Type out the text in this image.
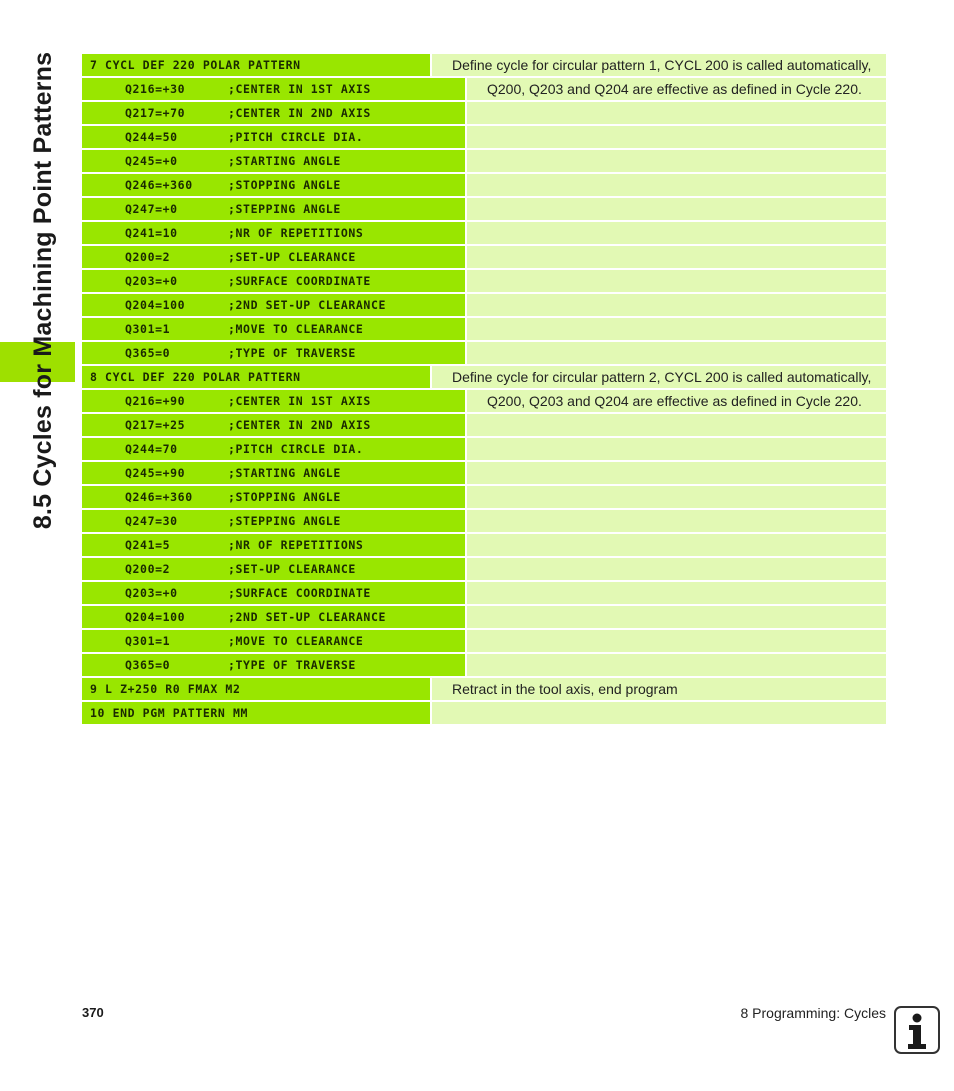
8.5 Cycles for Machining Point Patterns	7 CYCL DEF 220 POLAR PATTERN	Define cycle for circular pattern 1, CYCL 200 is called automatically,
Q216=+30	;CENTER IN 1ST AXIS	Q200, Q203 and Q204 are effective as defined in Cycle 220.
Q217=+70	;CENTER IN 2ND AXIS
Q244=50	;PITCH CIRCLE DIA.
Q245=+0	;STARTING ANGLE
Q246=+360	;STOPPING ANGLE
Q247=+0	;STEPPING ANGLE
Q241=10	;NR OF REPETITIONS
Q200=2	;SET-UP CLEARANCE
Q203=+0	;SURFACE COORDINATE
Q204=100	;2ND SET-UP CLEARANCE
Q301=1	;MOVE TO CLEARANCE
Q365=0	;TYPE OF TRAVERSE
8 CYCL DEF 220 POLAR PATTERN	Define cycle for circular pattern 2, CYCL 200 is called automatically,
Q216=+90	;CENTER IN 1ST AXIS	Q200, Q203 and Q204 are effective as defined in Cycle 220.
Q217=+25	;CENTER IN 2ND AXIS
Q244=70	;PITCH CIRCLE DIA.
Q245=+90	;STARTING ANGLE
Q246=+360	;STOPPING ANGLE
Q247=30	;STEPPING ANGLE
Q241=5	;NR OF REPETITIONS
Q200=2	;SET-UP CLEARANCE
Q203=+0	;SURFACE COORDINATE
Q204=100	;2ND SET-UP CLEARANCE
Q301=1	;MOVE TO CLEARANCE
Q365=0	;TYPE OF TRAVERSE
9 L Z+250 R0 FMAX M2	Retract in the tool axis, end program
10 END PGM PATTERN MM
370	8 Programming: Cycles
